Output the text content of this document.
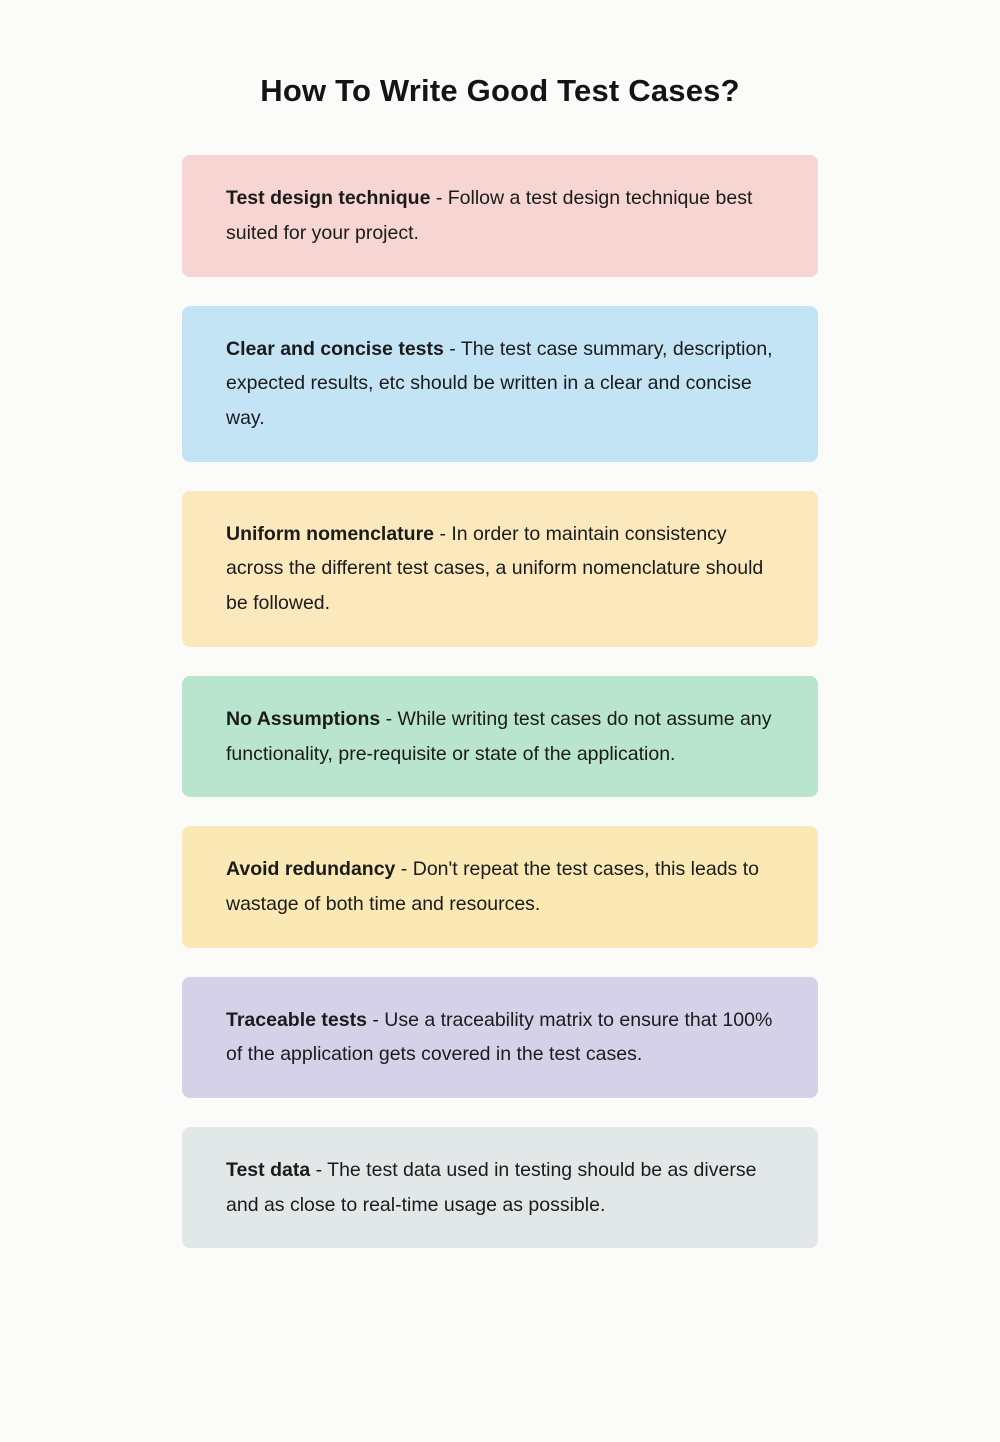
How To Write Good Test Cases?
Test design technique - Follow a test design technique best suited for your project.
Clear and concise tests - The test case summary, description, expected results, etc should be written in a clear and concise way.
Uniform nomenclature - In order to maintain consistency across the different test cases, a uniform nomenclature should be followed.
No Assumptions - While writing test cases do not assume any functionality, pre-requisite or state of the application.
Avoid redundancy - Don't repeat the test cases, this leads to wastage of both time and resources.
Traceable tests - Use a traceability matrix to ensure that 100% of the application gets covered in the test cases.
Test data - The test data used in testing should be as diverse and as close to real-time usage as possible.
